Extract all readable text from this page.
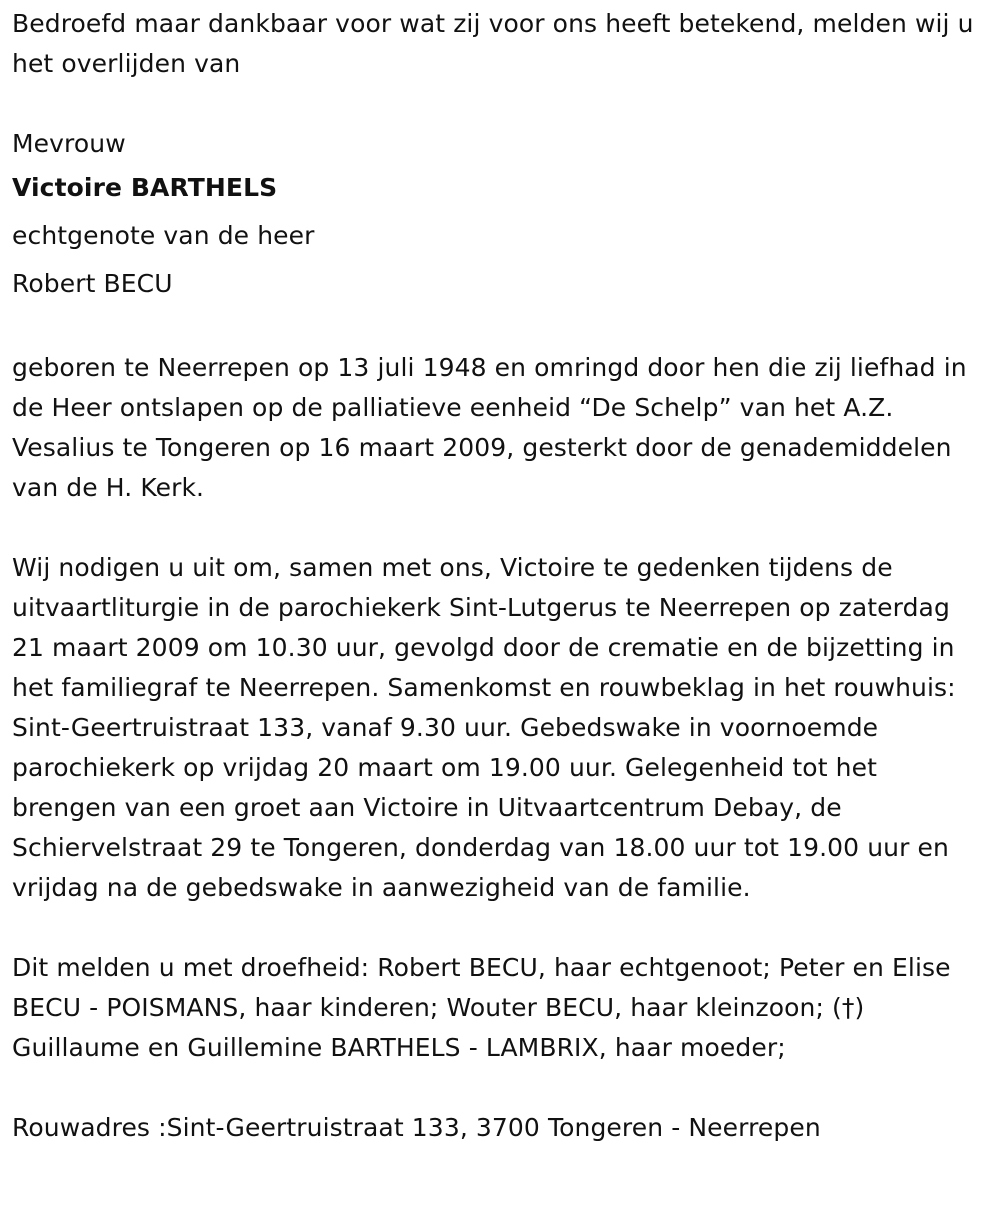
Bedroefd maar dankbaar voor wat zij voor ons heeft betekend, melden wij u het overlijden van

Mevrouw

Victoire BARTHELS

echtgenote van de heer

Robert BECU

geboren te Neerrepen op 13 juli 1948 en omringd door hen die zij liefhad in de Heer ontslapen op de palliatieve eenheid “De Schelp” van het A.Z. Vesalius te Tongeren op 16 maart 2009, gesterkt door de genademiddelen van de H. Kerk.

Wij nodigen u uit om, samen met ons, Victoire te gedenken tijdens de uitvaartliturgie in de parochiekerk Sint-Lutgerus te Neerrepen op zaterdag 21 maart 2009 om 10.30 uur, gevolgd door de crematie en de bijzetting in het familiegraf te Neerrepen. Samenkomst en rouwbeklag in het rouwhuis: Sint-Geertruistraat 133, vanaf 9.30 uur. Gebedswake in voornoemde parochiekerk op vrijdag 20 maart om 19.00 uur. Gelegenheid tot het brengen van een groet aan Victoire in Uitvaartcentrum Debay, de Schiervelstraat 29 te Tongeren, donderdag van 18.00 uur tot 19.00 uur en vrijdag na de gebedswake in aanwezigheid van de familie.

Dit melden u met droefheid: Robert BECU, haar echtgenoot; Peter en Elise BECU - POISMANS, haar kinderen; Wouter BECU, haar kleinzoon; (†) Guillaume en Guillemine BARTHELS - LAMBRIX, haar moeder;

Rouwadres :Sint-Geertruistraat 133, 3700 Tongeren - Neerrepen
